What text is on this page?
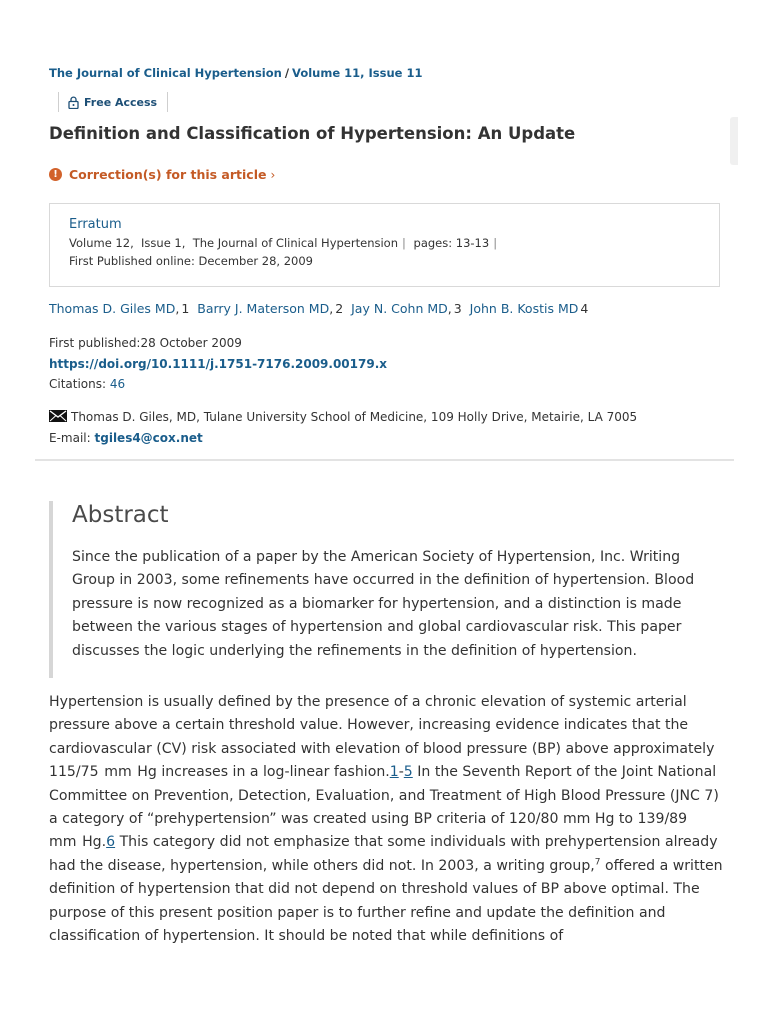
The Journal of Clinical Hypertension / Volume 11, Issue 11
Free Access
Definition and Classification of Hypertension: An Update
! Correction(s) for this article ›
Erratum
Volume 12,  Issue 1,  The Journal of Clinical Hypertension | pages: 13-13 |
First Published online: December 28, 2009
Thomas D. Giles MD, 1 Barry J. Materson MD, 2 Jay N. Cohn MD, 3 John B. Kostis MD 4
First published:28 October 2009
https://doi.org/10.1111/j.1751-7176.2009.00179.x
Citations: 46
Thomas D. Giles, MD, Tulane University School of Medicine, 109 Holly Drive, Metairie, LA 7005
E-mail: tgiles4@cox.net
Abstract

Since the publication of a paper by the American Society of Hypertension, Inc. Writing Group in 2003, some refinements have occurred in the definition of hypertension. Blood pressure is now recognized as a biomarker for hypertension, and a distinction is made between the various stages of hypertension and global cardiovascular risk. This paper discusses the logic underlying the refinements in the definition of hypertension.

Hypertension is usually defined by the presence of a chronic elevation of systemic arterial pressure above a certain threshold value. However, increasing evidence indicates that the cardiovascular (CV) risk associated with elevation of blood pressure (BP) above approximately 115/75  mm  Hg increases in a log-linear fashion.1-5 In the Seventh Report of the Joint National Committee on Prevention, Detection, Evaluation, and Treatment of High Blood Pressure (JNC 7) a category of “prehypertension” was created using BP criteria of 120/80 mm Hg to 139/89  mm  Hg.6 This category did not emphasize that some individuals with prehypertension already had the disease, hypertension, while others did not. In 2003, a writing group,$^7$ offered a written definition of hypertension that did not depend on threshold values of BP above optimal. The purpose of this present position paper is to further refine and update the definition and classification of hypertension. It should be noted that while definitions of
